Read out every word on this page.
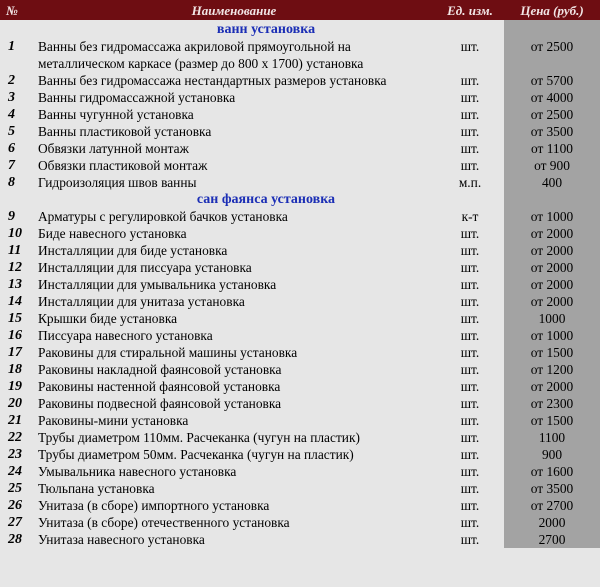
№	Наименование	Ед. изм.	Цена (руб.)
	ванн установка		
1	Ванны без гидромассажа акриловой прямоугольной на металлическом каркасе (размер до 800 х 1700) установка	шт.	от 2500
2	Ванны без гидромассажа нестандартных размеров установка	шт.	от 5700
3	Ванны гидромассажной установка	шт.	от 4000
4	Ванны чугунной установка	шт.	от 2500
5	Ванны пластиковой установка	шт.	от 3500
6	Обвязки латунной монтаж	шт.	от 1100
7	Обвязки пластиковой монтаж	шт.	от 900
8	Гидроизоляция швов ванны	м.п.	400
	сан фаянса установка		
9	Арматуры с регулировкой бачков установка	к-т	от 1000
10	Биде навесного установка	шт.	от 2000
11	Инсталляции для биде установка	шт.	от 2000
12	Инсталляции для писсуара установка	шт.	от 2000
13	Инсталляции для умывальника установка	шт.	от 2000
14	Инсталляции для унитаза установка	шт.	от 2000
15	Крышки биде установка	шт.	1000
16	Писсуара навесного установка	шт.	от 1000
17	Раковины для стиральной машины установка	шт.	от 1500
18	Раковины накладной фаянсовой установка	шт.	от 1200
19	Раковины настенной фаянсовой установка	шт.	от 2000
20	Раковины подвесной фаянсовой установка	шт.	от 2300
21	Раковины-мини установка	шт.	от 1500
22	Трубы диаметром 110мм. Расчеканка (чугун на пластик)	шт.	1100
23	Трубы диаметром 50мм. Расчеканка (чугун на пластик)	шт.	900
24	Умывальника навесного установка	шт.	от 1600
25	Тюльпана установка	шт.	от 3500
26	Унитаза (в сборе) импортного установка	шт.	от 2700
27	Унитаза (в сборе) отечественного установка	шт.	2000
28	Унитаза навесного установка	шт.	2700
